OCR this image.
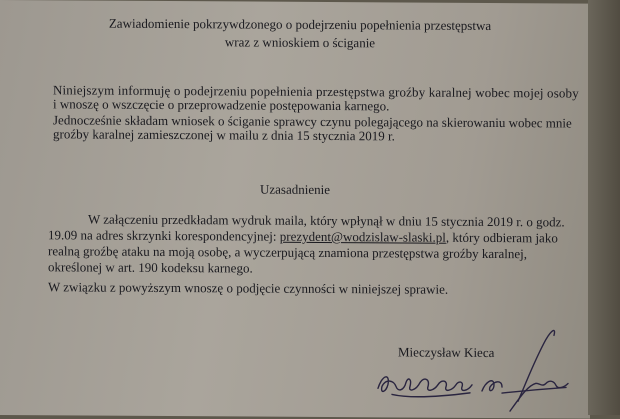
Zawiadomienie pokrzywdzonego o podejrzeniu popełnienia przestępstwa
wraz z wnioskiem o ściganie
Niniejszym informuję o podejrzeniu popełnienia przestępstwa groźby karalnej wobec mojej osoby
i wnoszę o wszczęcie o przeprowadzenie postępowania karnego.
Jednocześnie składam wniosek o ściganie sprawcy czynu polegającego na skierowaniu wobec mnie
groźby karalnej zamieszczonej w mailu z dnia 15 stycznia 2019 r.
Uzasadnienie
W załączeniu przedkładam wydruk maila, który wpłynął w dniu 15 stycznia 2019 r. o godz.
19.09 na adres skrzynki korespondencyjnej: prezydent@wodzislaw-slaski.pl, który odbieram jako
realną groźbę ataku na moją osobę, a wyczerpującą znamiona przestępstwa groźby karalnej,
określonej w art. 190 kodeksu karnego.
W związku z powyższym wnoszę o podjęcie czynności w niniejszej sprawie.
Mieczysław Kieca
